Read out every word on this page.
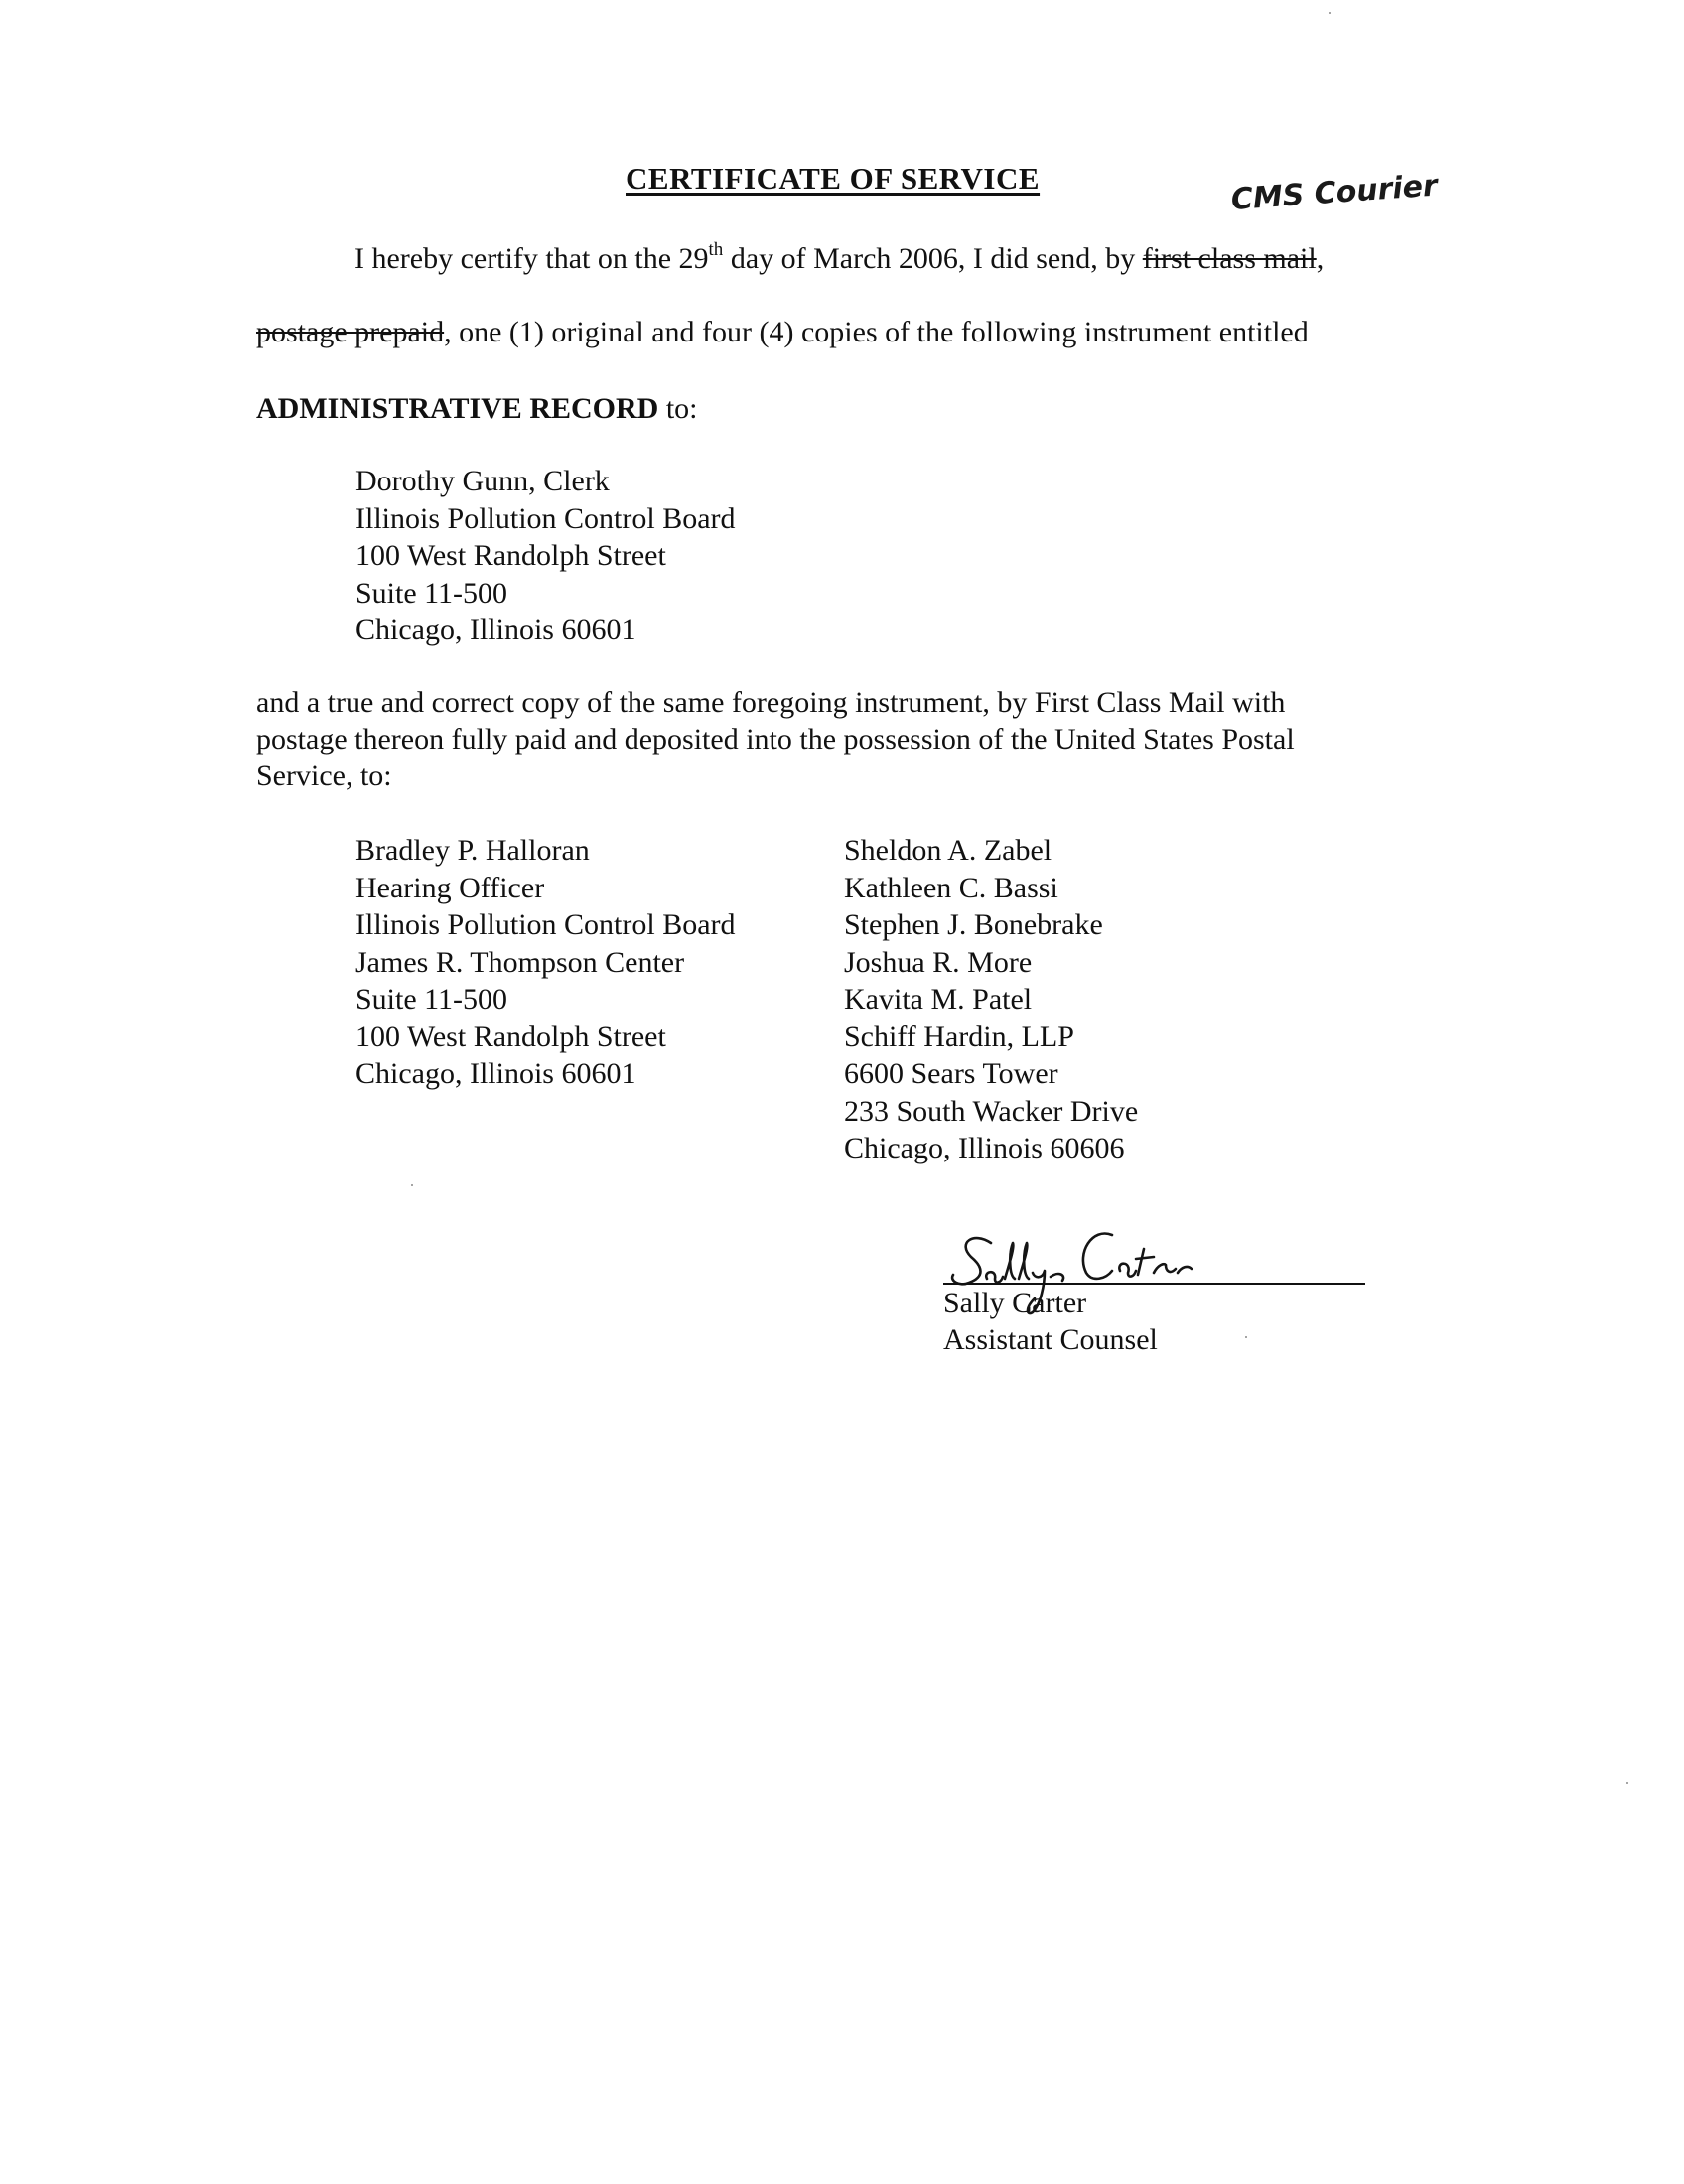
CERTIFICATE OF SERVICE	CMS Courier
I hereby certify that on the 29th day of March 2006, I did send, by first class mail,
postage prepaid, one (1) original and four (4) copies of the following instrument entitled
ADMINISTRATIVE RECORD to:
Dorothy Gunn, Clerk
Illinois Pollution Control Board
100 West Randolph Street
Suite 11-500
Chicago, Illinois 60601
and a true and correct copy of the same foregoing instrument, by First Class Mail with
postage thereon fully paid and deposited into the possession of the United States Postal
Service, to:
Bradley P. Halloran
Hearing Officer
Illinois Pollution Control Board
James R. Thompson Center
Suite 11-500
100 West Randolph Street
Chicago, Illinois 60601
Sheldon A. Zabel
Kathleen C. Bassi
Stephen J. Bonebrake
Joshua R. More
Kavita M. Patel
Schiff Hardin, LLP
6600 Sears Tower
233 South Wacker Drive
Chicago, Illinois 60606
Sally Carter
Assistant Counsel
